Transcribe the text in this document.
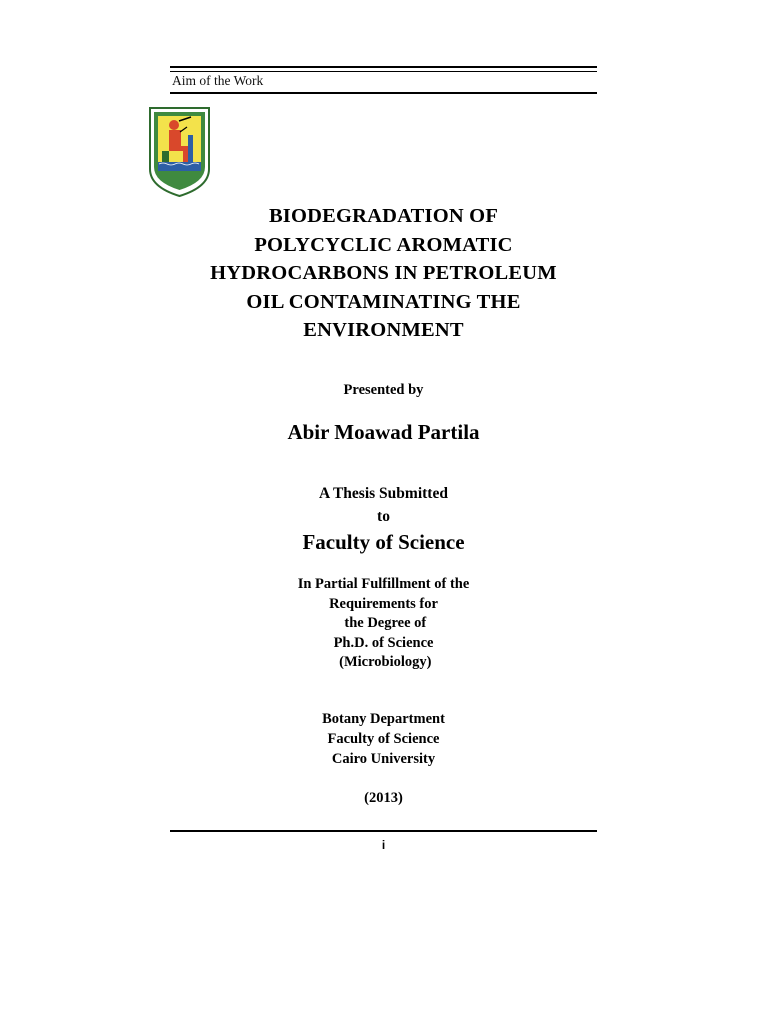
Aim of the Work
BIODEGRADATION OF
POLYCYCLIC AROMATIC
HYDROCARBONS IN PETROLEUM
OIL CONTAMINATING THE
ENVIRONMENT
Presented by
Abir Moawad Partila
A Thesis Submitted
to
Faculty of Science
In Partial Fulfillment of the
Requirements for
the Degree of
Ph.D. of Science
(Microbiology)
Botany Department
Faculty of Science
Cairo University
(2013)
i
